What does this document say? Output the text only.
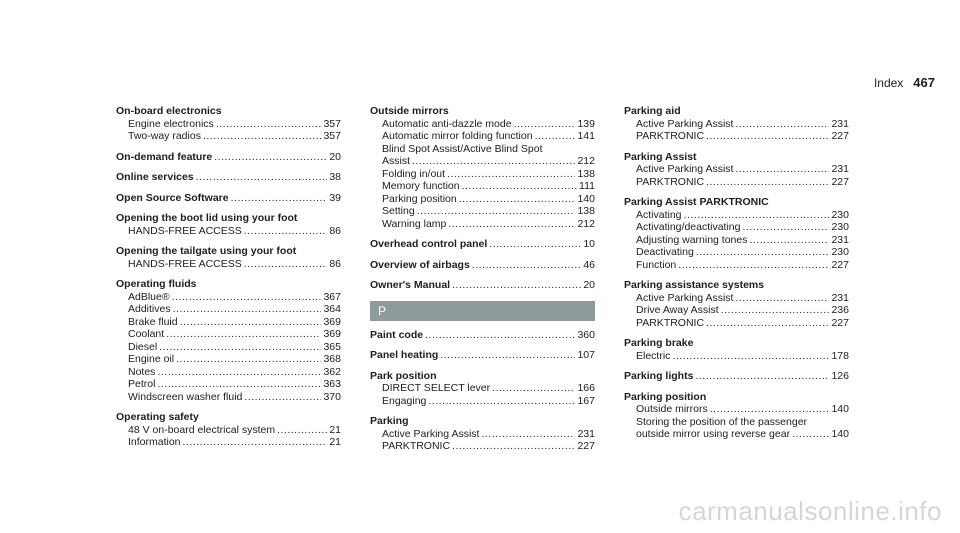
Index 467
On-board electronics
Engine electronics .....	357
Two-way radios .....	357
On-demand feature .....	20
Online services .....	38
Open Source Software .....	39
Opening the boot lid using your foot
HANDS-FREE ACCESS .....	86
Opening the tailgate using your foot
HANDS-FREE ACCESS .....	86
Operating fluids
AdBlue® .....	367
Additives .....	364
Brake fluid .....	369
Coolant .....	369
Diesel .....	365
Engine oil .....	368
Notes .....	362
Petrol .....	363
Windscreen washer fluid .....	370
Operating safety
48 V on-board electrical system .....	21
Information .....	21
Outside mirrors
Automatic anti-dazzle mode .....	139
Automatic mirror folding function .....	141
Blind Spot Assist/Active Blind Spot
Assist .....	212
Folding in/out .....	138
Memory function .....	111
Parking position .....	140
Setting .....	138
Warning lamp .....	212
Overhead control panel .....	10
Overview of airbags .....	46
Owner's Manual .....	20
P
Paint code .....	360
Panel heating .....	107
Park position
DIRECT SELECT lever .....	166
Engaging .....	167
Parking
Active Parking Assist .....	231
PARKTRONIC .....	227
Parking aid
Active Parking Assist .....	231
PARKTRONIC .....	227
Parking Assist
Active Parking Assist .....	231
PARKTRONIC .....	227
Parking Assist PARKTRONIC
Activating .....	230
Activating/deactivating .....	230
Adjusting warning tones .....	231
Deactivating .....	230
Function .....	227
Parking assistance systems
Active Parking Assist .....	231
Drive Away Assist .....	236
PARKTRONIC .....	227
Parking brake
Electric .....	178
Parking lights .....	126
Parking position
Outside mirrors .....	140
Storing the position of the passenger
outside mirror using reverse gear .....	140
carmanualsonline.info
